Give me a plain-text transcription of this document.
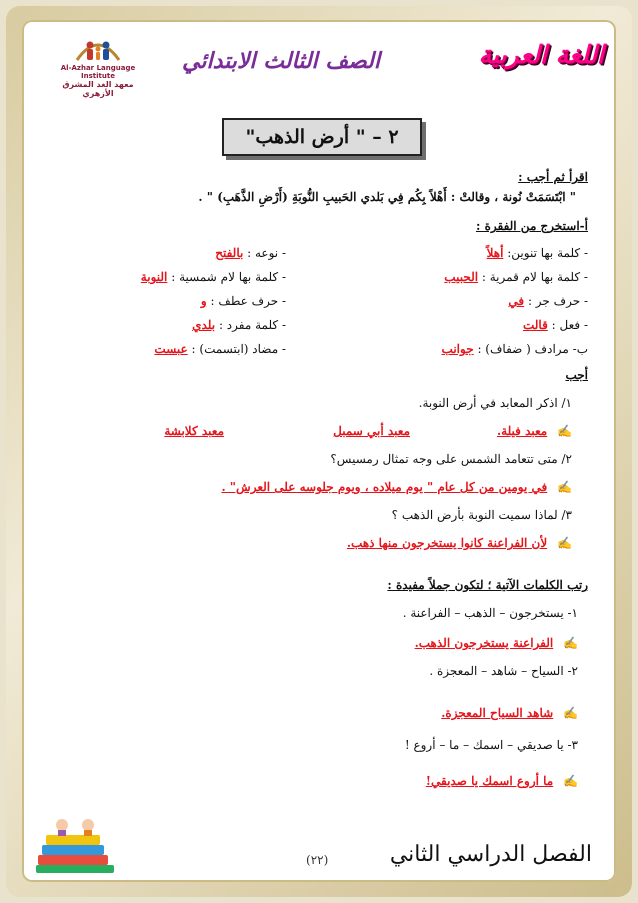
اللغة العربية
الصف الثالث الابتدائي
Al-Azhar Language Institute
معهد الغد المشرق الأزهري
٢ – " أرض الذهب"
اقرأ ثم أجب :
" ابْتَسَمَتْ نُونة ، وقالتْ : أَهْلاً بِكُم فِي بَلدي الحَبيبِ النُّوبَةِ (أَرْضِ الذَّهَبِ) " .
أ-استخرج من الفقرة :
- كلمة بها تنوين: أهلاً
- كلمة بها لام قمرية : الحبيب
- حرف جر : في
- فعل : قالت
ب- مرادف ( ضفاف) : جوانب
- نوعه : بالفتح
- كلمة بها لام شمسية : النوبة
- حرف عطف : و
- كلمة مفرد : بلدي
- مضاد (ابتسمت) : عبست
أجب
١/ اذكر المعابد في أرض النوبة.
✍ معبد فيلة.
معبد أبي سمبل
معبد كلابشة
٢/ متى تتعامد الشمس على وجه تمثال رمسيس؟
✍ في يومين من كل عام " يوم ميلاده ، ويوم جلوسه على العرش" .
٣/ لماذا سميت النوبة بأرض الذهب ؟
✍ لأن الفراعنة كانوا يستخرجون منها ذهب.
رتب الكلمات الآتية ؛ لتكون جملاً مفيدة :
١- يستخرجون – الذهب – الفراعنة .
✍ الفراعنة يستخرجون الذهب.
٢- السياح – شاهد – المعجزة .
✍ شاهد السياح المعجزة.
٣- يا صديقي – اسمك – ما – أروع !
✍ ما أروع اسمك يا صديقي!
الفصل الدراسي الثاني
(٢٢)
